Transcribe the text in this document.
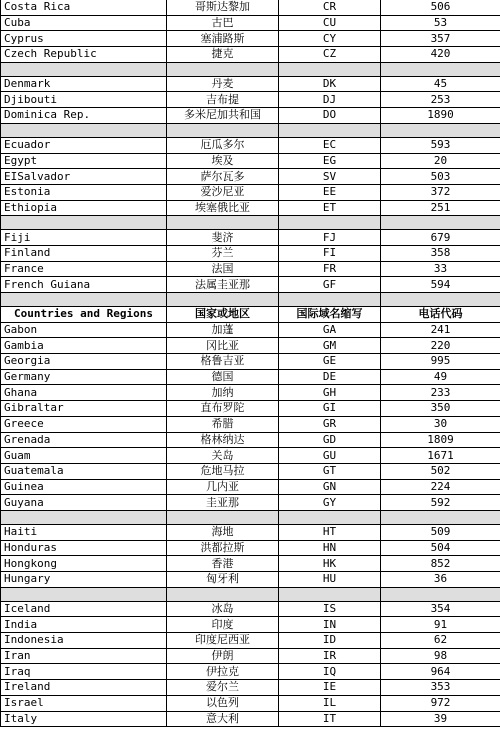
Costa Rica	哥斯达黎加	CR	506
Cuba	古巴	CU	53
Cyprus	塞浦路斯	CY	357
Czech Republic	捷克	CZ	420

Denmark	丹麦	DK	45
Djibouti	吉布提	DJ	253
Dominica Rep.	多米尼加共和国	DO	1890

Ecuador	厄瓜多尔	EC	593
Egypt	埃及	EG	20
EISalvador	萨尔瓦多	SV	503
Estonia	爱沙尼亚	EE	372
Ethiopia	埃塞俄比亚	ET	251

Fiji	斐济	FJ	679
Finland	芬兰	FI	358
France	法国	FR	33
French Guiana	法属圭亚那	GF	594

Countries and Regions	国家或地区	国际域名缩写	电话代码
Gabon	加蓬	GA	241
Gambia	冈比亚	GM	220
Georgia	格鲁吉亚	GE	995
Germany	德国	DE	49
Ghana	加纳	GH	233
Gibraltar	直布罗陀	GI	350
Greece	希腊	GR	30
Grenada	格林纳达	GD	1809
Guam	关岛	GU	1671
Guatemala	危地马拉	GT	502
Guinea	几内亚	GN	224
Guyana	圭亚那	GY	592

Haiti	海地	HT	509
Honduras	洪都拉斯	HN	504
Hongkong	香港	HK	852
Hungary	匈牙利	HU	36

Iceland	冰岛	IS	354
India	印度	IN	91
Indonesia	印度尼西亚	ID	62
Iran	伊朗	IR	98
Iraq	伊拉克	IQ	964
Ireland	爱尔兰	IE	353
Israel	以色列	IL	972
Italy	意大利	IT	39
